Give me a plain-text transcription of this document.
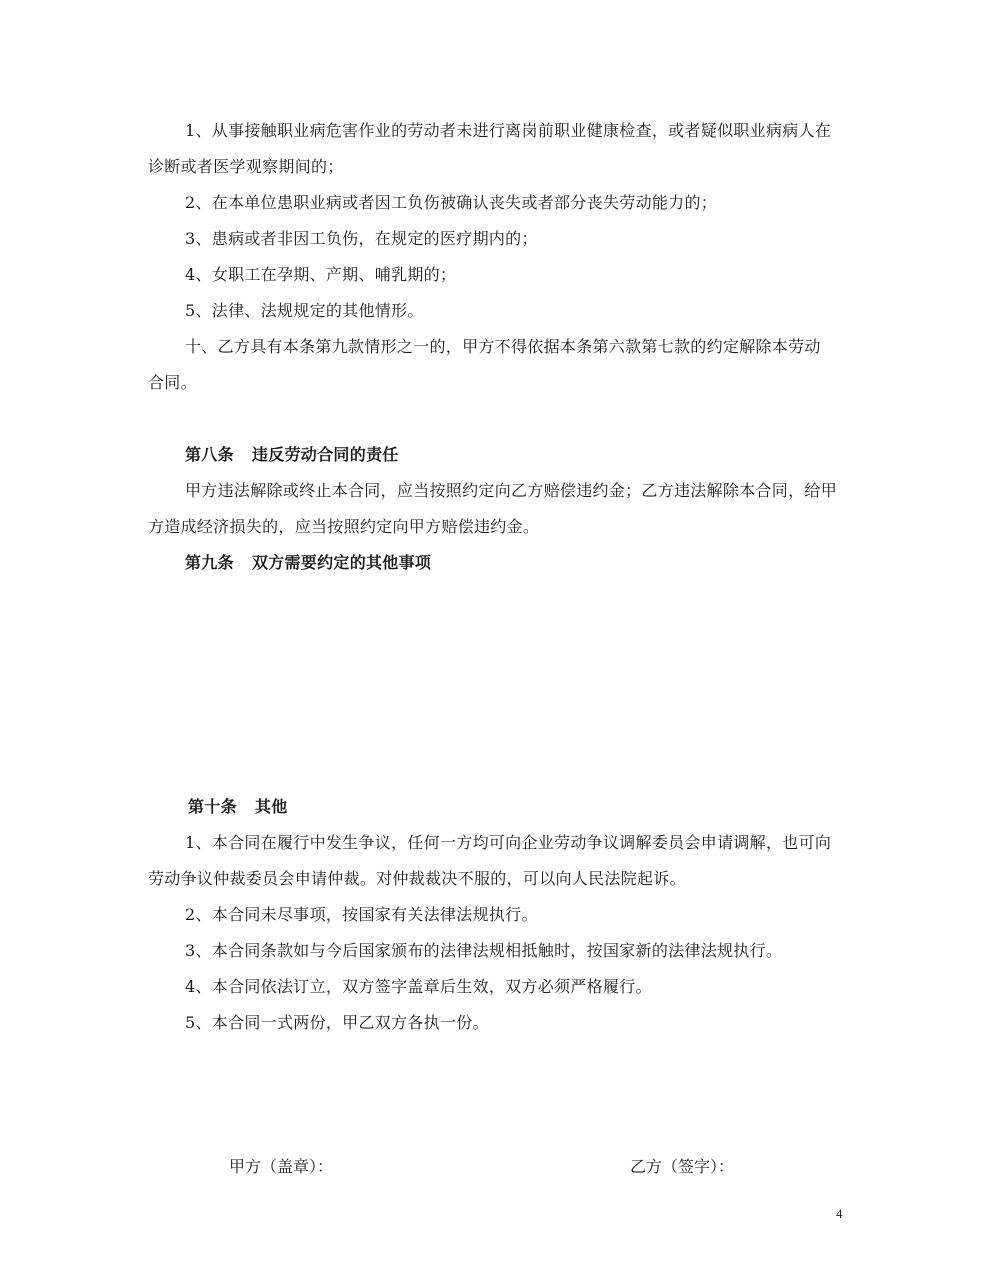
1、从事接触职业病危害作业的劳动者未进行离岗前职业健康检查，或者疑似职业病病人在
诊断或者医学观察期间的；
2、在本单位患职业病或者因工负伤被确认丧失或者部分丧失劳动能力的；
3、患病或者非因工负伤，在规定的医疗期内的；
4、女职工在孕期、产期、哺乳期的；
5、法律、法规规定的其他情形。
十、乙方具有本条第九款情形之一的，甲方不得依据本条第六款第七款的约定解除本劳动
合同。
第八条 违反劳动合同的责任
甲方违法解除或终止本合同，应当按照约定向乙方赔偿违约金；乙方违法解除本合同，给甲
方造成经济损失的，应当按照约定向甲方赔偿违约金。
第九条 双方需要约定的其他事项
第十条 其他
1、本合同在履行中发生争议，任何一方均可向企业劳动争议调解委员会申请调解，也可向
劳动争议仲裁委员会申请仲裁。对仲裁裁决不服的，可以向人民法院起诉。
2、本合同未尽事项，按国家有关法律法规执行。
3、本合同条款如与今后国家颁布的法律法规相抵触时，按国家新的法律法规执行。
4、本合同依法订立，双方签字盖章后生效，双方必须严格履行。
5、本合同一式两份，甲乙双方各执一份。
甲方（盖章）：	乙方（签字）：
4
